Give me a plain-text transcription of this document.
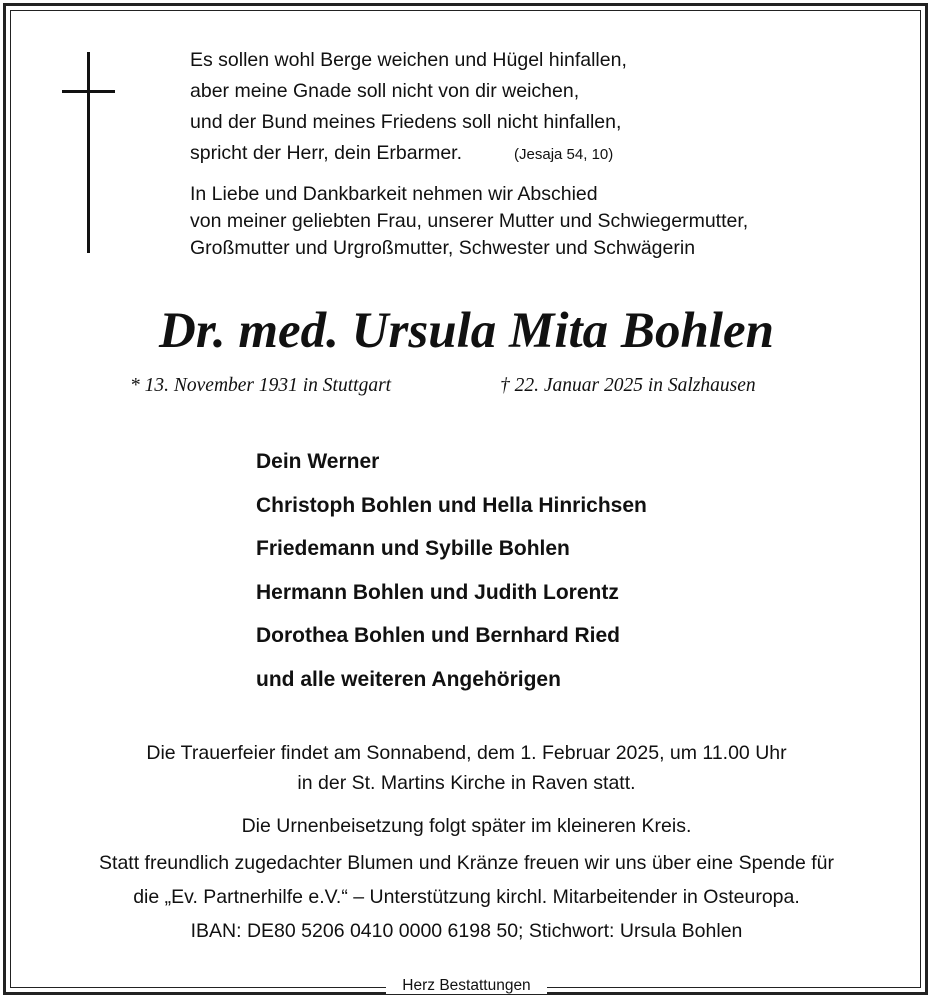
Es sollen wohl Berge weichen und Hügel hinfallen,
aber meine Gnade soll nicht von dir weichen,
und der Bund meines Friedens soll nicht hinfallen,
spricht der Herr, dein Erbarmer.	(Jesaja 54, 10)
In Liebe und Dankbarkeit nehmen wir Abschied
von meiner geliebten Frau, unserer Mutter und Schwiegermutter,
Großmutter und Urgroßmutter, Schwester und Schwägerin
Dr. med. Ursula Mita Bohlen
* 13. November 1931 in Stuttgart	† 22. Januar 2025 in Salzhausen
Dein Werner
Christoph Bohlen und Hella Hinrichsen
Friedemann und Sybille Bohlen
Hermann Bohlen und Judith Lorentz
Dorothea Bohlen und Bernhard Ried
und alle weiteren Angehörigen
Die Trauerfeier findet am Sonnabend, dem 1. Februar 2025, um 11.00 Uhr
in der St. Martins Kirche in Raven statt.
Die Urnenbeisetzung folgt später im kleineren Kreis.
Statt freundlich zugedachter Blumen und Kränze freuen wir uns über eine Spende für
die „Ev. Partnerhilfe e.V.“ – Unterstützung kirchl. Mitarbeitender in Osteuropa.
IBAN: DE80 5206 0410 0000 6198 50; Stichwort: Ursula Bohlen
Herz Bestattungen
